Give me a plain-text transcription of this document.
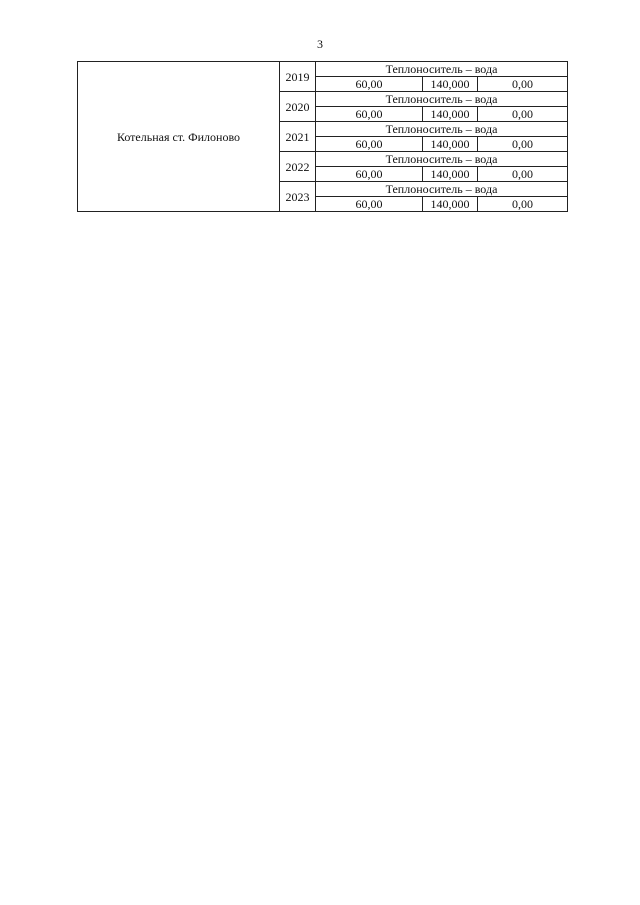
3
Котельная ст. Филоново	2019	Теплоноситель – вода		
		60,00	140,000	0,00
	2020	Теплоноситель – вода		
		60,00	140,000	0,00
	2021	Теплоноситель – вода		
		60,00	140,000	0,00
	2022	Теплоноситель – вода		
		60,00	140,000	0,00
	2023	Теплоноситель – вода		
		60,00	140,000	0,00
